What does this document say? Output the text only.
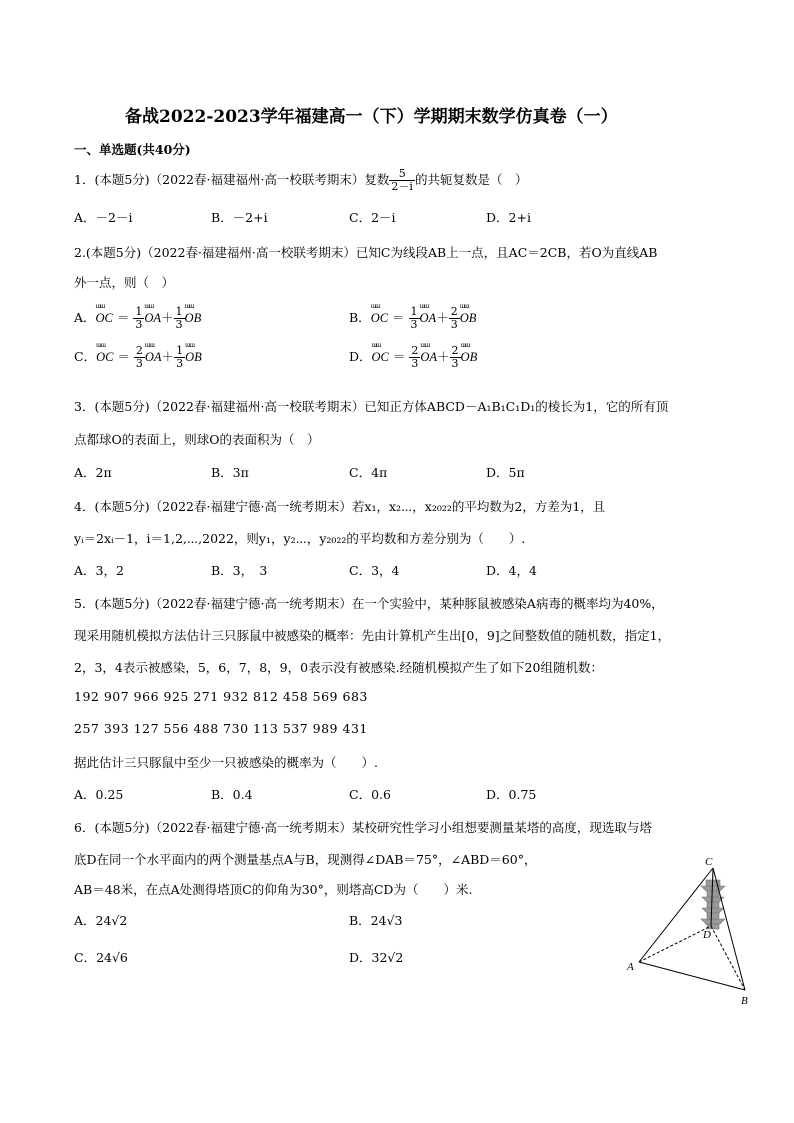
备战2022-2023学年福建高一（下）学期期末数学仿真卷（一）
一、单选题(共40分)
1．(本题5分)（2022春·福建福州·高一校联考期末）复数 $\frac{5}{2-i}$ 的共轭复数是（　）
A．－2－i	B．－2+i	C．2－i	D．2+i
2.(本题5分)（2022春·福建福州·高一校联考期末）已知C为线段AB上一点，且AC＝2CB，若O为直线AB
外一点，则（　）
A．
ɯɯ
OC ＝ $\frac{1}{3}$ ɯɯ
$OA+ \frac{1}{3}$ ɯɯ
OB	B．
ɯɯ
OC ＝ $\frac{1}{3}$ ɯɯ
$OA+ \frac{2}{3}$ ɯɯ
OB
C．
ɯɯ
OC ＝ $\frac{2}{3}$ ɯɯ
$OA+ \frac{1}{3}$ ɯɯ
OB	D．
ɯɯ
OC ＝ $\frac{2}{3}$ ɯɯ
$OA+ \frac{2}{3}$ ɯɯ
OB
3．(本题5分)（2022春·福建福州·高一校联考期末）已知正方体ABCD－A₁B₁C₁D₁的棱长为1，它的所有顶
点都球O的表面上，则球O的表面积为（　）
A．2π	B．3π	C．4π	D．5π
4．(本题5分)（2022春·福建宁德·高一统考期末）若x₁，x₂⋯，x₂₀₂₂的平均数为2，方差为1，且
yᵢ＝2xᵢ－1，i＝1,2,⋯,2022，则y₁，y₂⋯，y₂₀₂₂的平均数和方差分别为（　　）.
A．3，2	B．3，　3	C．3，4	D．4，4
5．(本题5分)（2022春·福建宁德·高一统考期末）在一个实验中，某种豚鼠被感染A病毒的概率均为40%，
现采用随机模拟方法估计三只豚鼠中被感染的概率：先由计算机产生出[0，9]之间整数值的随机数，指定1，
2，3，4表示被感染，5，6，7，8，9，0表示没有被感染.经随机模拟产生了如下20组随机数：
192 907 966 925 271 932 812 458 569 683
257 393 127 556 488 730 113 537 989 431
据此估计三只豚鼠中至少一只被感染的概率为（　　）.
A．0.25	B．0.4	C．0.6	D．0.75
6．(本题5分)（2022春·福建宁德·高一统考期末）某校研究性学习小组想要测量某塔的高度，现选取与塔
底D在同一个水平面内的两个测量基点A与B，现测得∠DAB＝75°，∠ABD＝60°，
AB＝48米，在点A处测得塔顶C的仰角为30°，则塔高CD为（　　）米.
A．24√2	B．24√3
C．24√6	D．32√2
C
D
A
B
